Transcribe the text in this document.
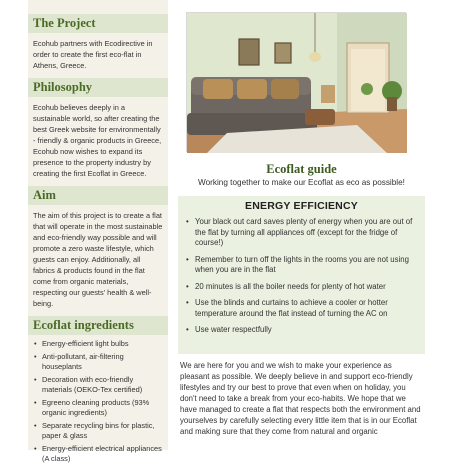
The Project

Ecohub partners with Ecodirective in order to create the first eco-flat in Athens, Greece.

Philosophy

Ecohub believes deeply in a sustainable world, so after creating the best Greek website for environmentally - friendly & organic products in Greece, Ecohub now wishes to expand its presence to the property industry by creating the first Ecoflat in Greece.

Aim

The aim of this project is to create a flat that will operate in the most sustainable and eco-friendly way possible and will promote a zero waste lifestyle, which guests can enjoy. Additionally, all fabrics & products found in the flat come from organic materials, respecting our guests' health & well-being.

Ecoflat ingredients
• Energy-efficient light bulbs
• Anti-pollutant, air-filtering houseplants
• Decoration with eco-friendly materials (OEKO-Tex certified)
• Egreeno cleaning products (93% organic ingredients)
• Separate recycling bins for plastic, paper & glass
• Energy-efficient electrical appliances (A class)
Ecoflat guide

Working together to make our Ecoflat as eco as possible!

ENERGY EFFICIENCY
• Your black out card saves plenty of energy when you are out of the flat by turning all appliances off (except for the fridge of course!)
• Remember to turn off the lights in the rooms you are not using when you are in the flat
• 20 minutes is all the boiler needs for plenty of hot water
• Use the blinds and curtains to achieve a cooler or hotter temperature around the flat instead of turning the AC on
• Use water respectfully

We are here for you and we wish to make your experience as pleasant as possible. We deeply believe in and support eco-friendly lifestyles and try our best to prove that even when on holiday, you don't need to take a break from your eco-habits. We hope that we have managed to create a flat that respects both the environment and yourselves by carefully selecting every little item that is in our Ecoflat and making sure that they come from natural and organic
